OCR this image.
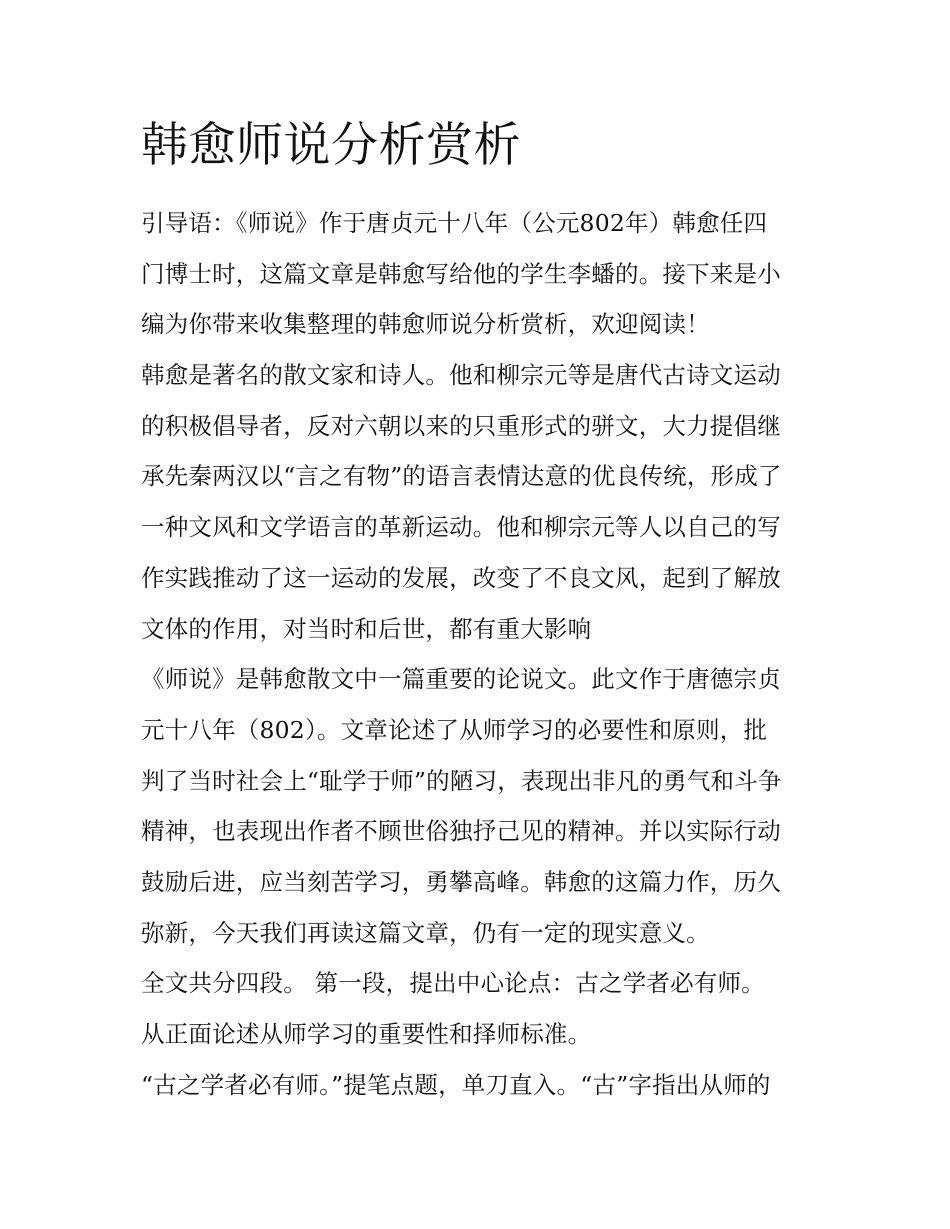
韩愈师说分析赏析
引导语：《师说》作于唐贞元十八年（公元802年）韩愈任四
门博士时，这篇文章是韩愈写给他的学生李蟠的。接下来是小
编为你带来收集整理的韩愈师说分析赏析，欢迎阅读！
韩愈是著名的散文家和诗人。他和柳宗元等是唐代古诗文运动
的积极倡导者，反对六朝以来的只重形式的骈文，大力提倡继
承先秦两汉以“言之有物”的语言表情达意的优良传统，形成了
一种文风和文学语言的革新运动。他和柳宗元等人以自己的写
作实践推动了这一运动的发展，改变了不良文风，起到了解放
文体的作用，对当时和后世，都有重大影响
《师说》是韩愈散文中一篇重要的论说文。此文作于唐德宗贞
元十八年（802）。文章论述了从师学习的必要性和原则，批
判了当时社会上“耻学于师”的陋习，表现出非凡的勇气和斗争
精神，也表现出作者不顾世俗独抒己见的精神。并以实际行动
鼓励后进，应当刻苦学习，勇攀高峰。韩愈的这篇力作，历久
弥新，今天我们再读这篇文章，仍有一定的现实意义。
全文共分四段。 第一段，提出中心论点：古之学者必有师。
从正面论述从师学习的重要性和择师标准。
“古之学者必有师。”提笔点题，单刀直入。“古”字指出从师的
